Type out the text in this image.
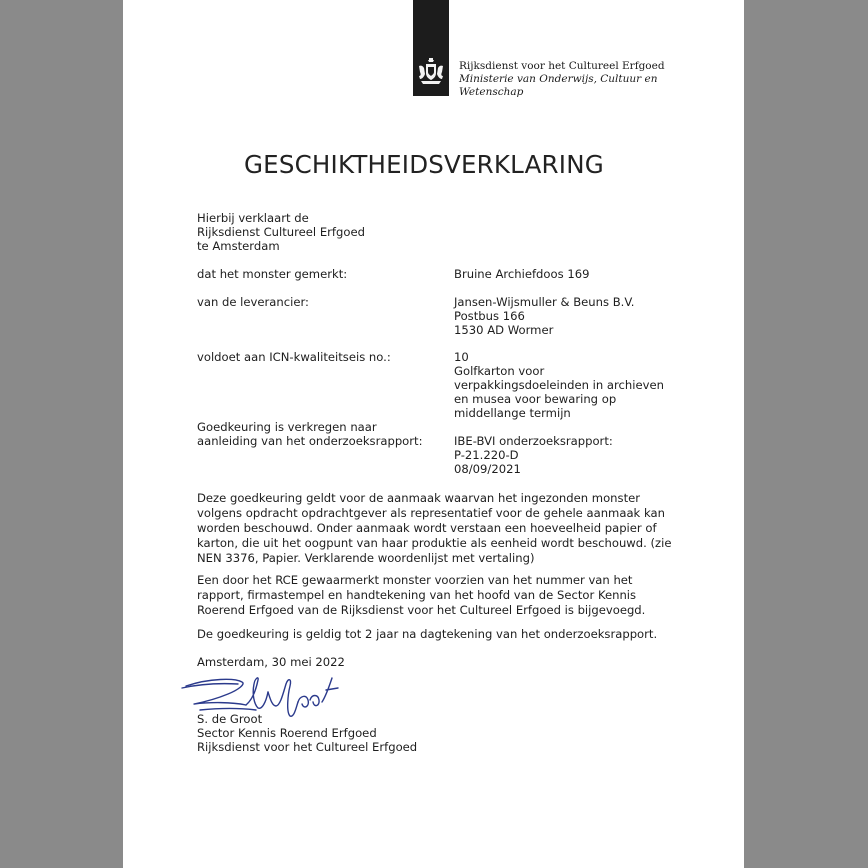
Rijksdienst voor het Cultureel Erfgoed
Ministerie van Onderwijs, Cultuur en
Wetenschap
GESCHIKTHEIDSVERKLARING
Hierbij verklaart de
Rijksdienst Cultureel Erfgoed
te Amsterdam
dat het monster gemerkt:	Bruine Archiefdoos 169
van de leverancier:	Jansen-Wijsmuller & Beuns B.V.
Postbus 166
1530 AD Wormer
voldoet aan ICN-kwaliteitseis no.:	10
Golfkarton voor
verpakkingsdoeleinden in archieven
en musea voor bewaring op
middellange termijn
Goedkeuring is verkregen naar
aanleiding van het onderzoeksrapport:	IBE-BVI onderzoeksrapport:
P-21.220-D
08/09/2021
Deze goedkeuring geldt voor de aanmaak waarvan het ingezonden monster
volgens opdracht opdrachtgever als representatief voor de gehele aanmaak kan
worden beschouwd. Onder aanmaak wordt verstaan een hoeveelheid papier of
karton, die uit het oogpunt van haar produktie als eenheid wordt beschouwd. (zie
NEN 3376, Papier. Verklarende woordenlijst met vertaling)
Een door het RCE gewaarmerkt monster voorzien van het nummer van het
rapport, firmastempel en handtekening van het hoofd van de Sector Kennis
Roerend Erfgoed van de Rijksdienst voor het Cultureel Erfgoed is bijgevoegd.
De goedkeuring is geldig tot 2 jaar na dagtekening van het onderzoeksrapport.
Amsterdam, 30 mei 2022
S. de Groot
Sector Kennis Roerend Erfgoed
Rijksdienst voor het Cultureel Erfgoed
